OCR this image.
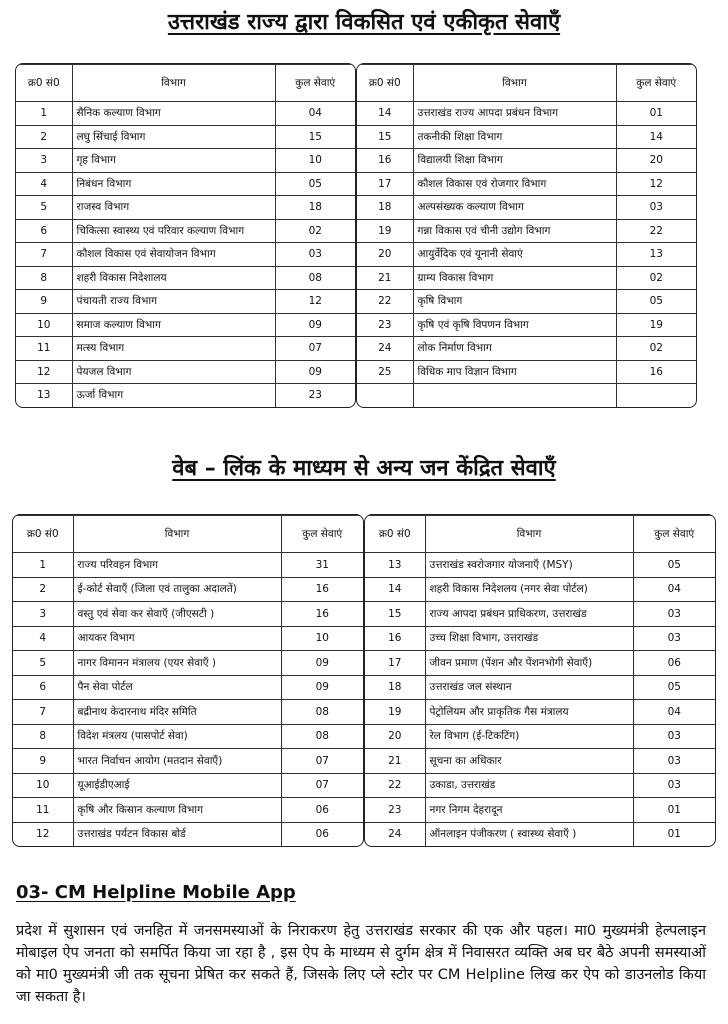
उत्तराखंड राज्य द्वारा विकसित एवं एकीकृत सेवाएँ
क्र0 सं0	विभाग	कुल सेवाएं
1	सैनिक कल्याण विभाग	04
2	लघु सिंचाई विभाग	15
3	गृह विभाग	10
4	निबंधन विभाग	05
5	राजस्व विभाग	18
6	चिकित्सा स्वास्थ्य एवं परिवार कल्याण विभाग	02
7	कौशल विकास एवं सेवायोजन विभाग	03
8	शहरी विकास निदेशालय	08
9	पंचायती राज्य विभाग	12
10	समाज कल्याण विभाग	09
11	मत्स्य विभाग	07
12	पेयजल विभाग	09
13	ऊर्जा विभाग	23
क्र0 सं0	विभाग	कुल सेवाएं
14	उत्तराखंड राज्य आपदा प्रबंधन विभाग	01
15	तकनीकी शिक्षा विभाग	14
16	विद्यालयी शिक्षा विभाग	20
17	कौशल विकास एवं रोजगार विभाग	12
18	अल्पसंख्यक कल्याण विभाग	03
19	गन्ना विकास एवं चीनी उद्योग विभाग	22
20	आयुर्वेदिक एवं यूनानी सेवाएं	13
21	ग्राम्य विकास विभाग	02
22	कृषि विभाग	05
23	कृषि एवं कृषि विपणन विभाग	19
24	लोक निर्माण विभाग	02
25	विधिक माप विज्ञान विभाग	16

वेब – लिंक के माध्यम से अन्य जन केंद्रित सेवाएँ
क्र0 सं0	विभाग	कुल सेवाएं
1	राज्य परिवहन विभाग	31
2	ई-कोर्ट सेवाएँ (जिला एवं तालुका अदालतें)	16
3	वस्तु एवं सेवा कर सेवाएँ (जीएसटी )	16
4	आयकर विभाग	10
5	नागर विमानन मंत्रालय (एयर सेवाएँ )	09
6	पैन सेवा पोर्टल	09
7	बद्रीनाथ केदारनाथ मंदिर समिति	08
8	विदेश मंत्रलय (पासपोर्ट सेवा)	08
9	भारत निर्वाचन आयोग (मतदान सेवाएँ)	07
10	यूआईडीएआई	07
11	कृषि और किसान कल्याण विभाग	06
12	उत्तराखंड पर्यटन विकास बोर्ड	06
क्र0 सं0	विभाग	कुल सेवाएं
13	उत्तराखंड स्वरोजगार योजनाएँ (MSY)	05
14	शहरी विकास निदेशलय (नगर सेवा पोर्टल)	04
15	राज्य आपदा प्रबंधन प्राधिकरण, उत्तराखंड	03
16	उच्च शिक्षा विभाग, उत्तराखंड	03
17	जीवन प्रमाण (पेंशन और पेंशनभोगी सेवाएँ)	06
18	उत्तराखंड जल संस्थान	05
19	पेट्रोलियम और प्राकृतिक गैस मंत्रालय	04
20	रेल विभाग (ई-टिकटिंग)	03
21	सूचना का अधिकार	03
22	उकाडा, उत्तराखंड	03
23	नगर निगम देहरादून	01
24	ऑनलाइन पंजीकरण ( स्वास्थ्य सेवाएँ )	01
03- CM Helpline Mobile App

प्रदेश में सुशासन एवं जनहित में जनसमस्याओं के निराकरण हेतु उत्तराखंड सरकार की एक और पहल। मा0 मुख्यमंत्री हेल्पलाइन मोबाइल ऐप जनता को समर्पित किया जा रहा है , इस ऐप के माध्यम से दुर्गम क्षेत्र में निवासरत व्यक्ति अब घर बैठे अपनी समस्याओं को मा0 मुख्यमंत्री जी तक सूचना प्रेषित कर सकते हैं, जिसके लिए प्ले स्टोर पर CM Helpline लिख कर ऐप को डाउनलोड किया जा सकता है।
